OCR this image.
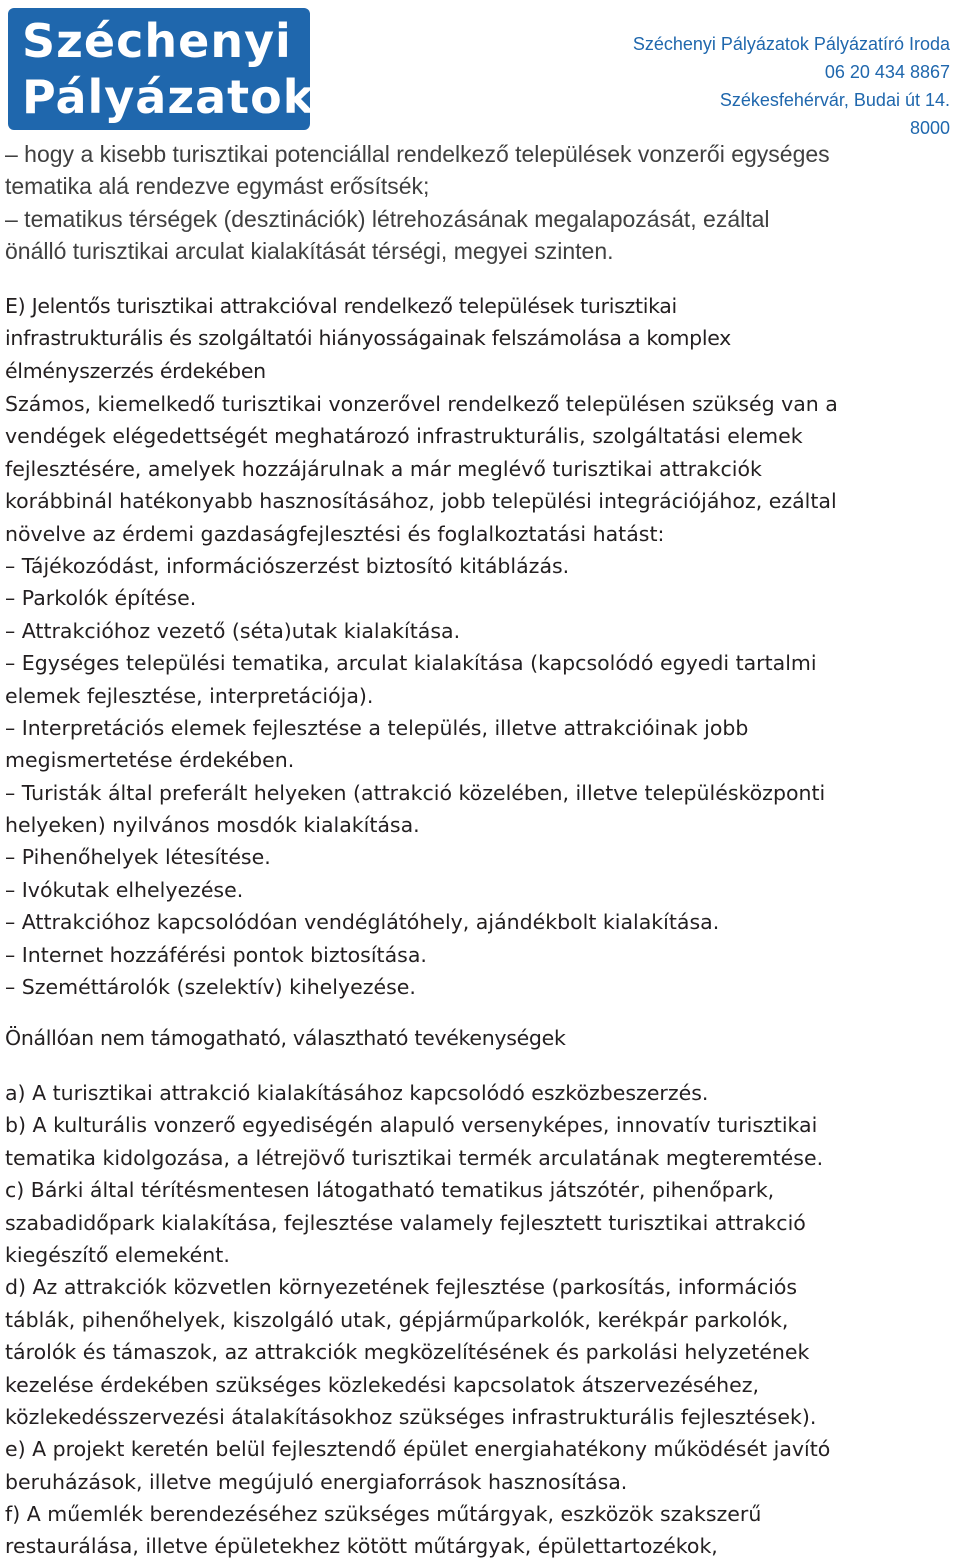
Széchenyi
Pályázatok
Széchenyi Pályázatok Pályázatíró Iroda
06 20 434 8867
Székesfehérvár, Budai út 14.
8000
– hogy a kisebb turisztikai potenciállal rendelkező települések vonzerői egységes
tematika alá rendezve egymást erősítsék;
– tematikus térségek (desztinációk) létrehozásának megalapozását, ezáltal
önálló turisztikai arculat kialakítását térségi, megyei szinten.
E) Jelentős turisztikai attrakcióval rendelkező települések turisztikai
infrastrukturális és szolgáltatói hiányosságainak felszámolása a komplex
élményszerzés érdekében
Számos, kiemelkedő turisztikai vonzerővel rendelkező településen szükség van a
vendégek elégedettségét meghatározó infrastrukturális, szolgáltatási elemek
fejlesztésére, amelyek hozzájárulnak a már meglévő turisztikai attrakciók
korábbinál hatékonyabb hasznosításához, jobb települési integrációjához, ezáltal
növelve az érdemi gazdaságfejlesztési és foglalkoztatási hatást:
– Tájékozódást, információszerzést biztosító kitáblázás.
– Parkolók építése.
– Attrakcióhoz vezető (séta)utak kialakítása.
– Egységes települési tematika, arculat kialakítása (kapcsolódó egyedi tartalmi
elemek fejlesztése, interpretációja).
– Interpretációs elemek fejlesztése a település, illetve attrakcióinak jobb
megismertetése érdekében.
– Turisták által preferált helyeken (attrakció közelében, illetve településközponti
helyeken) nyilvános mosdók kialakítása.
– Pihenőhelyek létesítése.
– Ivókutak elhelyezése.
– Attrakcióhoz kapcsolódóan vendéglátóhely, ajándékbolt kialakítása.
– Internet hozzáférési pontok biztosítása.
– Szeméttárolók (szelektív) kihelyezése.
Önállóan nem támogatható, választható tevékenységek
a) A turisztikai attrakció kialakításához kapcsolódó eszközbeszerzés.
b) A kulturális vonzerő egyediségén alapuló versenyképes, innovatív turisztikai
tematika kidolgozása, a létrejövő turisztikai termék arculatának megteremtése.
c) Bárki által térítésmentesen látogatható tematikus játszótér, pihenőpark,
szabadidőpark kialakítása, fejlesztése valamely fejlesztett turisztikai attrakció
kiegészítő elemeként.
d) Az attrakciók közvetlen környezetének fejlesztése (parkosítás, információs
táblák, pihenőhelyek, kiszolgáló utak, gépjárműparkolók, kerékpár parkolók,
tárolók és támaszok, az attrakciók megközelítésének és parkolási helyzetének
kezelése érdekében szükséges közlekedési kapcsolatok átszervezéséhez,
közlekedésszervezési átalakításokhoz szükséges infrastrukturális fejlesztések).
e) A projekt keretén belül fejlesztendő épület energiahatékony működését javító
beruházások, illetve megújuló energiaforrások hasznosítása.
f) A műemlék berendezéséhez szükséges műtárgyak, eszközök szakszerű
restaurálása, illetve épületekhez kötött műtárgyak, épülettartozékok,
